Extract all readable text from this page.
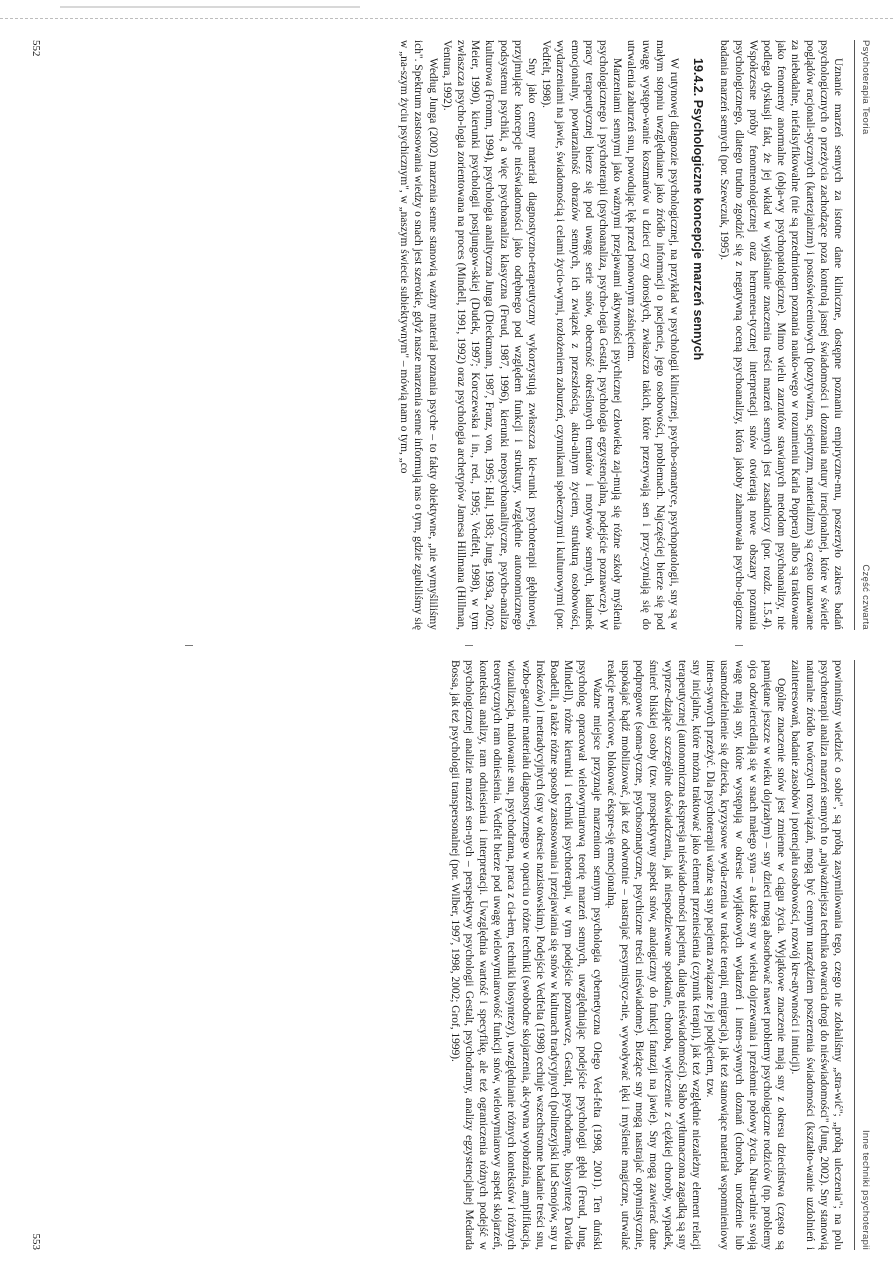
Psychoterapia Teoria
Część czwarta

Uznanie marzeń sennych za istotne dane kliniczne, dostępne poznaniu empiryczne-mu, poszerzyło zakres badań psychologicznych o przeżycia zachodzące poza kontrolą jasnej świadomości i doznania natury irracjonalnej, które w świetle poglądów racjonali-stycznych (kartezjanizm) i postoświeceniowych (pozytywizm, scjentyzm, materializm) są często uznawane za niebadalne, niefalsyfikowalne (nie są przedmiotem poznania nauko-wego w rozumieniu Karla Poppera) albo są traktowane jako fenomeny anormalne (obja-wy psychopatologiczne). Mimo wielu zarzutów stawianych metodom psychoanalizy, nie podlega dyskusji fakt, że jej wkład w wyjaśnianie znaczenia treści marzeń sennych jest zasadniczy (por. rozdz. 1.5.4). Współczesne próby fenomenologicznej oraz hermeneu-tycznej interpretacji snów otwierają nowe obszary poznania psychologicznego, dlatego trudno zgodzić się z negatywną oceną psychoanalizy, która jakoby zahamowała psycho-logiczne badania marzeń sennych (por. Szewczuk, 1995).

19.4.2. Psychologiczne koncepcje marzeń sennych

W rutynowej diagnozie psychologicznej, na przykład w psychologii klinicznej, psycho-somatyce, psychopatologii, sny są w małym stopniu uwzględniane jako źródło informacji o pacjencie, jego osobowości, problemach. Najczęściej bierze się pod uwagę występo-wanie koszmarów u dzieci czy dorosłych, zwłaszcza takich, które przerywają sen i przy-czyniają się do utrwalenia zaburzeń snu, powodując lęk przed ponownym zaśnięciem.

Marzeniami sennymi jako ważnymi przejawami aktywności psychicznej człowieka zaj-mują się różne szkoły myślenia psychologicznego i psychoterapii (psychoanaliza, psycho-logia Gestalt, psychologia egzystencjalna, podejście poznawcze). W pracy terapeutycznej bierze się pod uwagę serie snów, obecność określonych tematów i motywów sennych, ładunek emocjonalny, powtarzalność obrazów sennych, ich związek z przeszłością, aktu-alnym życiem, strukturą osobowości, wydarzeniami na jawie, świadomością i celami życio-wymi, rozłożeniem zaburzeń, czynnikami społecznymi i kulturowymi (por. Vedfelt, 1998).

Sny jako cenny materiał diagnostyczno-terapeutyczny wykorzystują zwłaszcza kie-runki psychoterapii głębinowej, przyjmujące koncepcje nieświadomości jako odrębnego pod względem funkcji i struktury, względnie autonomicznego podsystemu psychiki, a więc psychoanaliza klasyczna (Freud, 1987, 1996), kierunki neopsychoanalityczne, psycho-analiza kulturowa (Fromm, 1994), psychologia analityczna Junga (Dieckmann, 1987, Franz, von, 1995; Hall, 1983; Jung, 1993a, 2002; Meier, 1990), kierunki psychologii postjungow-skiej (Dudek, 1997; Korczewska i in., red., 1995; Vedfelt, 1998), w tym zwłaszcza psycho-logia zorientowana na proces (Mindell, 1991, 1992) oraz psychologia archetypów Jamesa Hillmana (Hillman, Ventura, 1992).

Według Junga (2002) marzenia senne stanowią ważny materiał poznania psyche – to fakty obiektywne, „nie wymyśliliśmy ich". Spektrum zastosowania wiedzy o snach jest szerokie, gdyż nasze marzenia senne informują nas o tym, gdzie zgubiliśmy się w „na-szym życiu psychicznym", w „naszym świecie subiektywnym" – mówią nam o tym, „co

552
Inne techniki psychoterapii

powinniśmy wiedzieć o sobie", są próbą zasymilowania tego, czego nie zdołaliśmy „stra-wić"; „próbą uleczenia"; na polu psychoterapii analiza marzeń sennych to „najważniejsza technika otwarcia drogi do nieświadomości" (Jung, 2002). Sny stanowią naturalne źródło twórczych rozwiązań, mogą być cennym narzędziem poszerzenia świadomości (kształto-wanie uzdolnień i zainteresowań, badanie zasobów i potencjału osobowości, rozwój kre-atywności i intuicji).

Ogólne znaczenie snów jest zmienne w ciągu życia. Wyjątkowe znaczenie mają sny z okresu dzieciństwa (często są pamiętane jeszcze w wieku dojrzałym) – sny dzieci mogą absorbować nawet problemy psychologiczne rodziców (np. problemy ojca odzwierciedlają się w snach małego syna – a także sny w wieku dojrzewania i przełomie połowy życia. Natu-ralnie swoją wagę mają sny, które występują w okresie wyjątkowych wydarzeń i inten-sywnych doznań (choroba, urodzenie lub usamodzielnienie się dziecka, kryzysowe wyda-rzenia w trakcie terapii, emigracja), jak też stanowiące materiał wspomnieniowy inten-sywnych przeżyć. Dla psychoterapii ważne są sny pacjenta związane z jej podjęciem, tzw.

sny inicjalne, które można traktować jako element przeniesienia (czynnik terapii), jak też względnie niezależny element relacji terapeutycznej (autonomiczna ekspresja nieświado-mości pacjenta, dialog nieświadomości). Słabo wytłumaczona zagadką są sny wyprze-dzające szczególne doświadczenia, jak niespodziewane spotkanie, choroba, wyleczenie z ciężkiej choroby, wypadek, śmierć bliskiej osoby (tzw. prospektywny aspekt snów, analogiczny do funkcji fantazji na jawie). Sny mogą zawierać dane podprogowe (soma-tyczne, psychosomatyczne, psychiczne treści nieświadome). Bieżące sny mogą nastrajać optymistycznie, uspokajać bądź mobilizować, jak też odwrotnie – nastrajać pesymistycz-nie, wywoływać lęki i myślenie magiczne, utrwalać reakcje nerwicowe, blokować ekspre-sję emocjonalną.

Ważne miejsce przyznaje marzeniom sennym psychologia cybernetyczna Olego Ved-felta (1998, 2001). Ten duński psycholog opracował wielowymiarową teorię marzeń sennych, uwzględniając podejście psychologii głębi (Freud, Jung, Mindell), różne kierunki i techniki psychoterapii, w tym podejście poznawcze, Gestalt, psychodramę, biosyntezę Davida Boadelli, a także różne sposoby zastosowania i przejawiania się snów w kulturach tradycyjnych (polinezyjski lud Senojów, sny u Irokezów) i metradycyjnych (sny w okresie nazistowskim). Podejście Vedfelta (1998) cechuje wszechstronne badanie treści snu, wzbo-gacanie materiału diagnostycznego w oparciu o różne techniki (swobodne skojarzenia, ak-tywna wyobraźnia, amplifikacja, wizualizacja, malowanie snu, psychodrama, praca z cia-łem, techniki biosyntezy), uwzględnianie różnych kontekstów i różnych teoretycznych ram odniesienia. Vedfelt bierze pod uwagę wielowymiarowość funkcji snów, wielowymiarowy aspekt skojarzeń, kontekstu analizy, ram odniesienia i interpretacji. Uwzględnia wartość i specyfikę, ale też ograniczenia różnych podejść w psychologicznej analizie marzeń sen-nych – perspektywy psychologii Gestalt, psychodramy, analizy egzystencjalnej Medarda Bossa, jak też psychologii transpersonalnej (por. Wilber, 1997, 1998, 2002; Grof, 1999).

553
